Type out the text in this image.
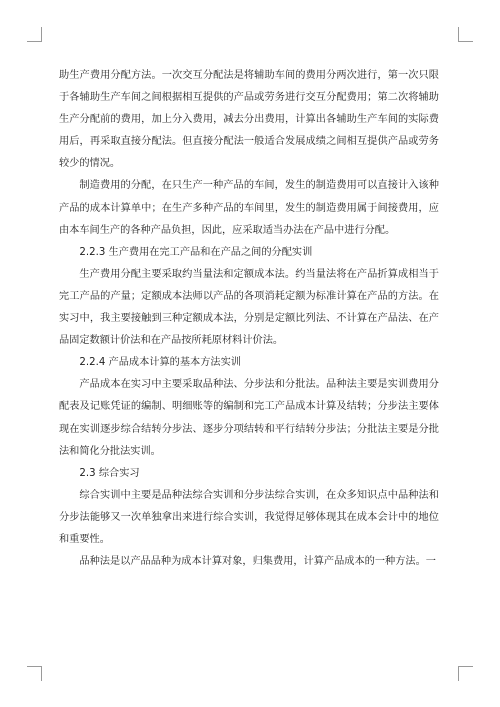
助生产费用分配方法。一次交互分配法是将辅助车间的费用分两次进行，第一次只限于各辅助生产车间之间根据相互提供的产品或劳务进行交互分配费用；第二次将辅助生产分配前的费用，加上分入费用，减去分出费用，计算出各辅助生产车间的实际费用后，再采取直接分配法。但直接分配法一般适合发展成绩之间相互提供产品或劳务较少的情况。

制造费用的分配，在只生产一种产品的车间，发生的制造费用可以直接计入该种产品的成本计算单中；在生产多种产品的车间里，发生的制造费用属于间接费用，应由本车间生产的各种产品负担，因此，应采取适当办法在产品中进行分配。

2.2.3 生产费用在完工产品和在产品之间的分配实训

生产费用分配主要采取约当量法和定额成本法。约当量法将在产品折算成相当于完工产品的产量；定额成本法师以产品的各项消耗定额为标准计算在产品的方法。在实习中，我主要接触到三种定额成本法，分别是定额比列法、不计算在产品法、在产品固定数额计价法和在产品按所耗原材料计价法。

2.2.4 产品成本计算的基本方法实训

产品成本在实习中主要采取品种法、分步法和分批法。品种法主要是实训费用分配表及记账凭证的编制、明细账等的编制和完工产品成本计算及结转；分步法主要体现在实训逐步综合结转分步法、逐步分项结转和平行结转分步法；分批法主要是分批法和简化分批法实训。

2.3 综合实习

综合实训中主要是品种法综合实训和分步法综合实训，在众多知识点中品种法和分步法能够又一次单独拿出来进行综合实训，我觉得足够体现其在成本会计中的地位和重要性。

品种法是以产品品种为成本计算对象，归集费用，计算产品成本的一种方法。一
